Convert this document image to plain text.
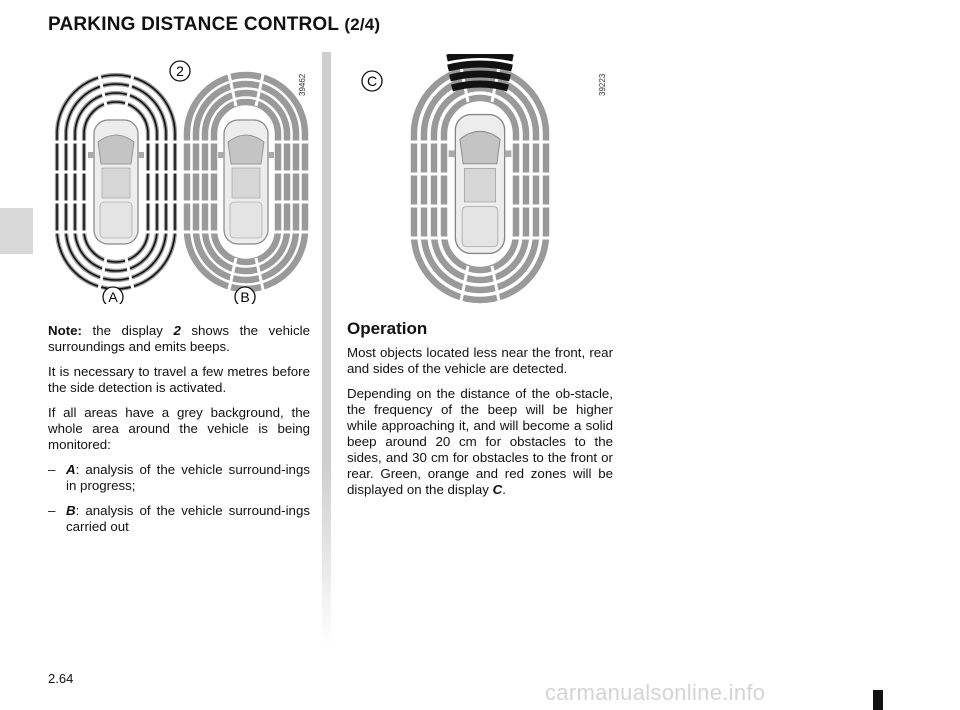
PARKING DISTANCE CONTROL (2/4)
2
A	B
39462	C	39223

Note: the display 2 shows the vehicle surroundings and emits beeps.

It is necessary to travel a few metres before the side detection is activated.

If all areas have a grey background, the whole area around the vehicle is being monitored:

– A: analysis of the vehicle surround-ings in progress;
– B: analysis of the vehicle surround-ings carried out
Operation

Most objects located less near the front, rear and sides of the vehicle are detected.

Depending on the distance of the ob-stacle, the frequency of the beep will be higher while approaching it, and will become a solid beep around 20 cm for obstacles to the sides, and 30 cm for obstacles to the front or rear. Green, orange and red zones will be displayed on the display C.

2.64
carmanualsonline.info
